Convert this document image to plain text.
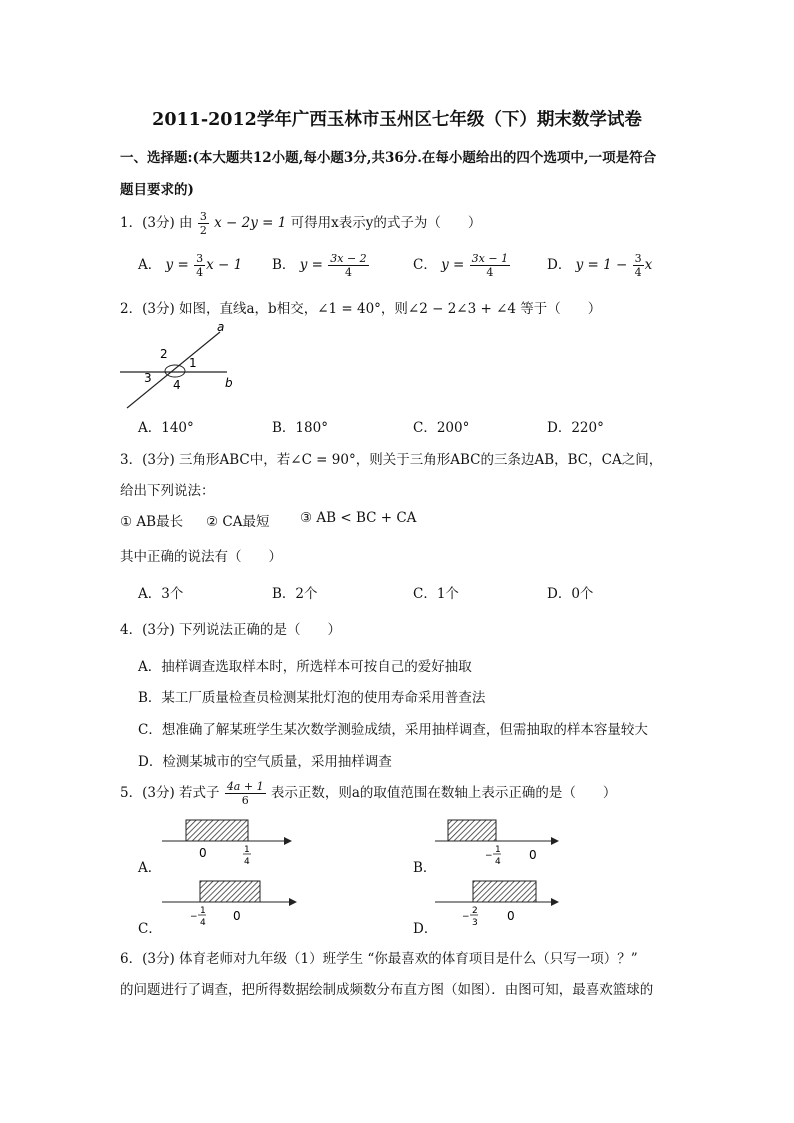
2011-2012学年广西玉林市玉州区七年级（下）期末数学试卷
一、选择题:(本大题共12小题,每小题3分,共36分.在每小题给出的四个选项中,一项是符合
题目要求的)
1．(3分) 由 $\frac{3}{2}$ x − 2y = 1 可得用x表示y的式子为（　　）
A． $y = \frac{3}{4}$ x − 1 B． $y = \frac{3x - 2}{4}$	C． $y = \frac{3x - 1}{4}$	D． $y = 1 - \frac{3}{4}$ x
2．(3分) 如图，直线a，b相交，∠1 = 40°，则∠2 − 2∠3 + ∠4 等于（　　）
a
b
1
2
3 4
A．140°	B．180°	C．200°	D．220°
3．(3分) 三角形ABC中，若∠C = 90°，则关于三角形ABC的三条边AB，BC，CA之间，
给出下列说法：
① AB最长 ② CA最短 ③ AB < BC + CA
其中正确的说法有（　　）
A．3个	B．2个	C．1个	D．0个
4．(3分) 下列说法正确的是（　　）
A．抽样调查选取样本时，所选样本可按自己的爱好抽取
B．某工厂质量检查员检测某批灯泡的使用寿命采用普查法
C．想准确了解某班学生某次数学测验成绩，采用抽样调查，但需抽取的样本容量较大
D．检测某城市的空气质量，采用抽样调查
5．(3分) 若式子 $\frac{4a + 1}{6}$ 表示正数，则a的取值范围在数轴上表示正确的是（　　）
A．
0	1
4	B．
−
1
4 0
C．
−
1
4 0
D．
−
2
3 0
6．(3分) 体育老师对九年级（1）班学生 “你最喜欢的体育项目是什么（只写一项）？”
的问题进行了调查，把所得数据绘制成频数分布直方图（如图）．由图可知，最喜欢篮球的
